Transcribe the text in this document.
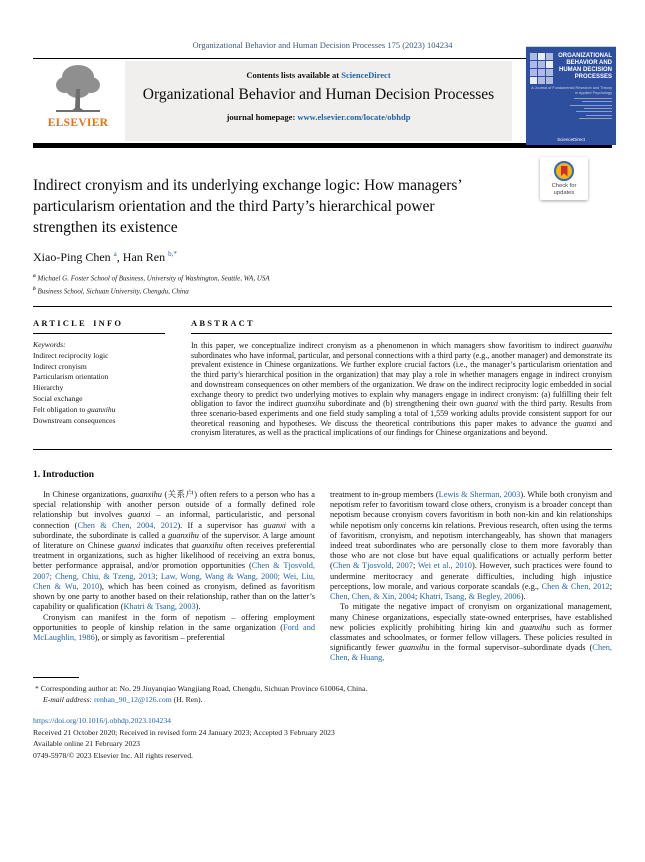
Organizational Behavior and Human Decision Processes 175 (2023) 104234
ELSEVIER
Contents lists available at ScienceDirect
Organizational Behavior and Human Decision Processes
journal homepage: www.elsevier.com/locate/obhdp
ORGANIZATIONAL BEHAVIOR AND HUMAN DECISION PROCESSES
A Journal of Fundamental Research and Theory in Applied Psychology
ScienceDirect
Check for updates
Indirect cronyism and its underlying exchange logic: How managers’
particularism orientation and the third Party’s hierarchical power
strengthen its existence
Xiao-Ping Chen $^a$, Han Ren $^{b,*}$
$^a$ Michael G. Foster School of Business, University of Washington, Seattle, WA, USA
$^b$ Business School, Sichuan University, Chengdu, China
ARTICLE INFO
Keywords:
Indirect reciprocity logic
Indirect cronyism
Particularism orientation
Hierarchy
Social exchange
Felt obligation to guanxihu
Downstream consequences
ABSTRACT
In this paper, we conceptualize indirect cronyism as a phenomenon in which managers show favoritism to indirect guanxihu subordinates who have informal, particular, and personal connections with a third party (e.g., another manager) and demonstrate its prevalent existence in Chinese organizations. We further explore crucial factors (i.e., the manager’s particularism orientation and the third party’s hierarchical position in the organization) that may play a role in whether managers engage in indirect cronyism and downstream consequences on other members of the organization. We draw on the indirect reciprocity logic embedded in social exchange theory to predict two underlying motives to explain why managers engage in indirect cronyism: (a) fulfilling their felt obligation to favor the indirect guanxihu subordinate and (b) strengthening their own guanxi with the third party. Results from three scenario-based experiments and one field study sampling a total of 1,559 working adults provide consistent support for our theoretical reasoning and hypotheses. We discuss the theoretical contributions this paper makes to advance the guanxi and cronyism literatures, as well as the practical implications of our findings for Chinese organizations and beyond.
1. Introduction

In Chinese organizations, guanxihu (关系户) often refers to a person who has a special relationship with another person outside of a formally defined role relationship but involves guanxi – an informal, particularistic, and personal connection (Chen & Chen, 2004, 2012). If a supervisor has guanxi with a subordinate, the subordinate is called a guanxihu of the supervisor. A large amount of literature on Chinese guanxi indicates that guanxihu often receives preferential treatment in organizations, such as higher likelihood of receiving an extra bonus, better performance appraisal, and/or promotion opportunities (Chen & Tjosvold, 2007; Cheng, Chiu, & Tzeng, 2013; Law, Wong, Wang & Wang, 2000; Wei, Liu, Chen & Wu, 2010), which has been coined as cronyism, defined as favoritism shown by one party to another based on their relationship, rather than on the latter’s capability or qualification (Khatri & Tsang, 2003).

Cronyism can manifest in the form of nepotism – offering employment opportunities to people of kinship relation in the same organization (Ford and McLaughlin, 1986), or simply as favoritism – preferential

treatment to in-group members (Lewis & Sherman, 2003). While both cronyism and nepotism refer to favoritism toward close others, cronyism is a broader concept than nepotism because cronyism covers favoritism in both non-kin and kin relationships while nepotism only concerns kin relations. Previous research, often using the terms of favoritism, cronyism, and nepotism interchangeably, has shown that managers indeed treat subordinates who are personally close to them more favorably than those who are not close but have equal qualifications or actually perform better (Chen & Tjosvold, 2007; Wei et al., 2010). However, such practices were found to undermine meritocracy and generate difficulties, including high injustice perceptions, low morale, and various corporate scandals (e.g., Chen & Chen, 2012; Chen, Chen, & Xin, 2004; Khatri, Tsang, & Begley, 2006).

To mitigate the negative impact of cronyism on organizational management, many Chinese organizations, especially state-owned enterprises, have established new policies explicitly prohibiting hiring kin and guanxihu such as former classmates and schoolmates, or former fellow villagers. These policies resulted in significantly fewer guanxihu in the formal supervisor–subordinate dyads (Chen, Chen, & Huang,

* Corresponding author at: No. 29 Jiuyanqiao Wangjiang Road, Chengdu, Sichuan Province 610064, China.
E-mail address: renhan_90_12@126.com (H. Ren).
https://doi.org/10.1016/j.obhdp.2023.104234
Received 21 October 2020; Received in revised form 24 January 2023; Accepted 3 February 2023
Available online 21 February 2023
0749-5978/© 2023 Elsevier Inc. All rights reserved.
